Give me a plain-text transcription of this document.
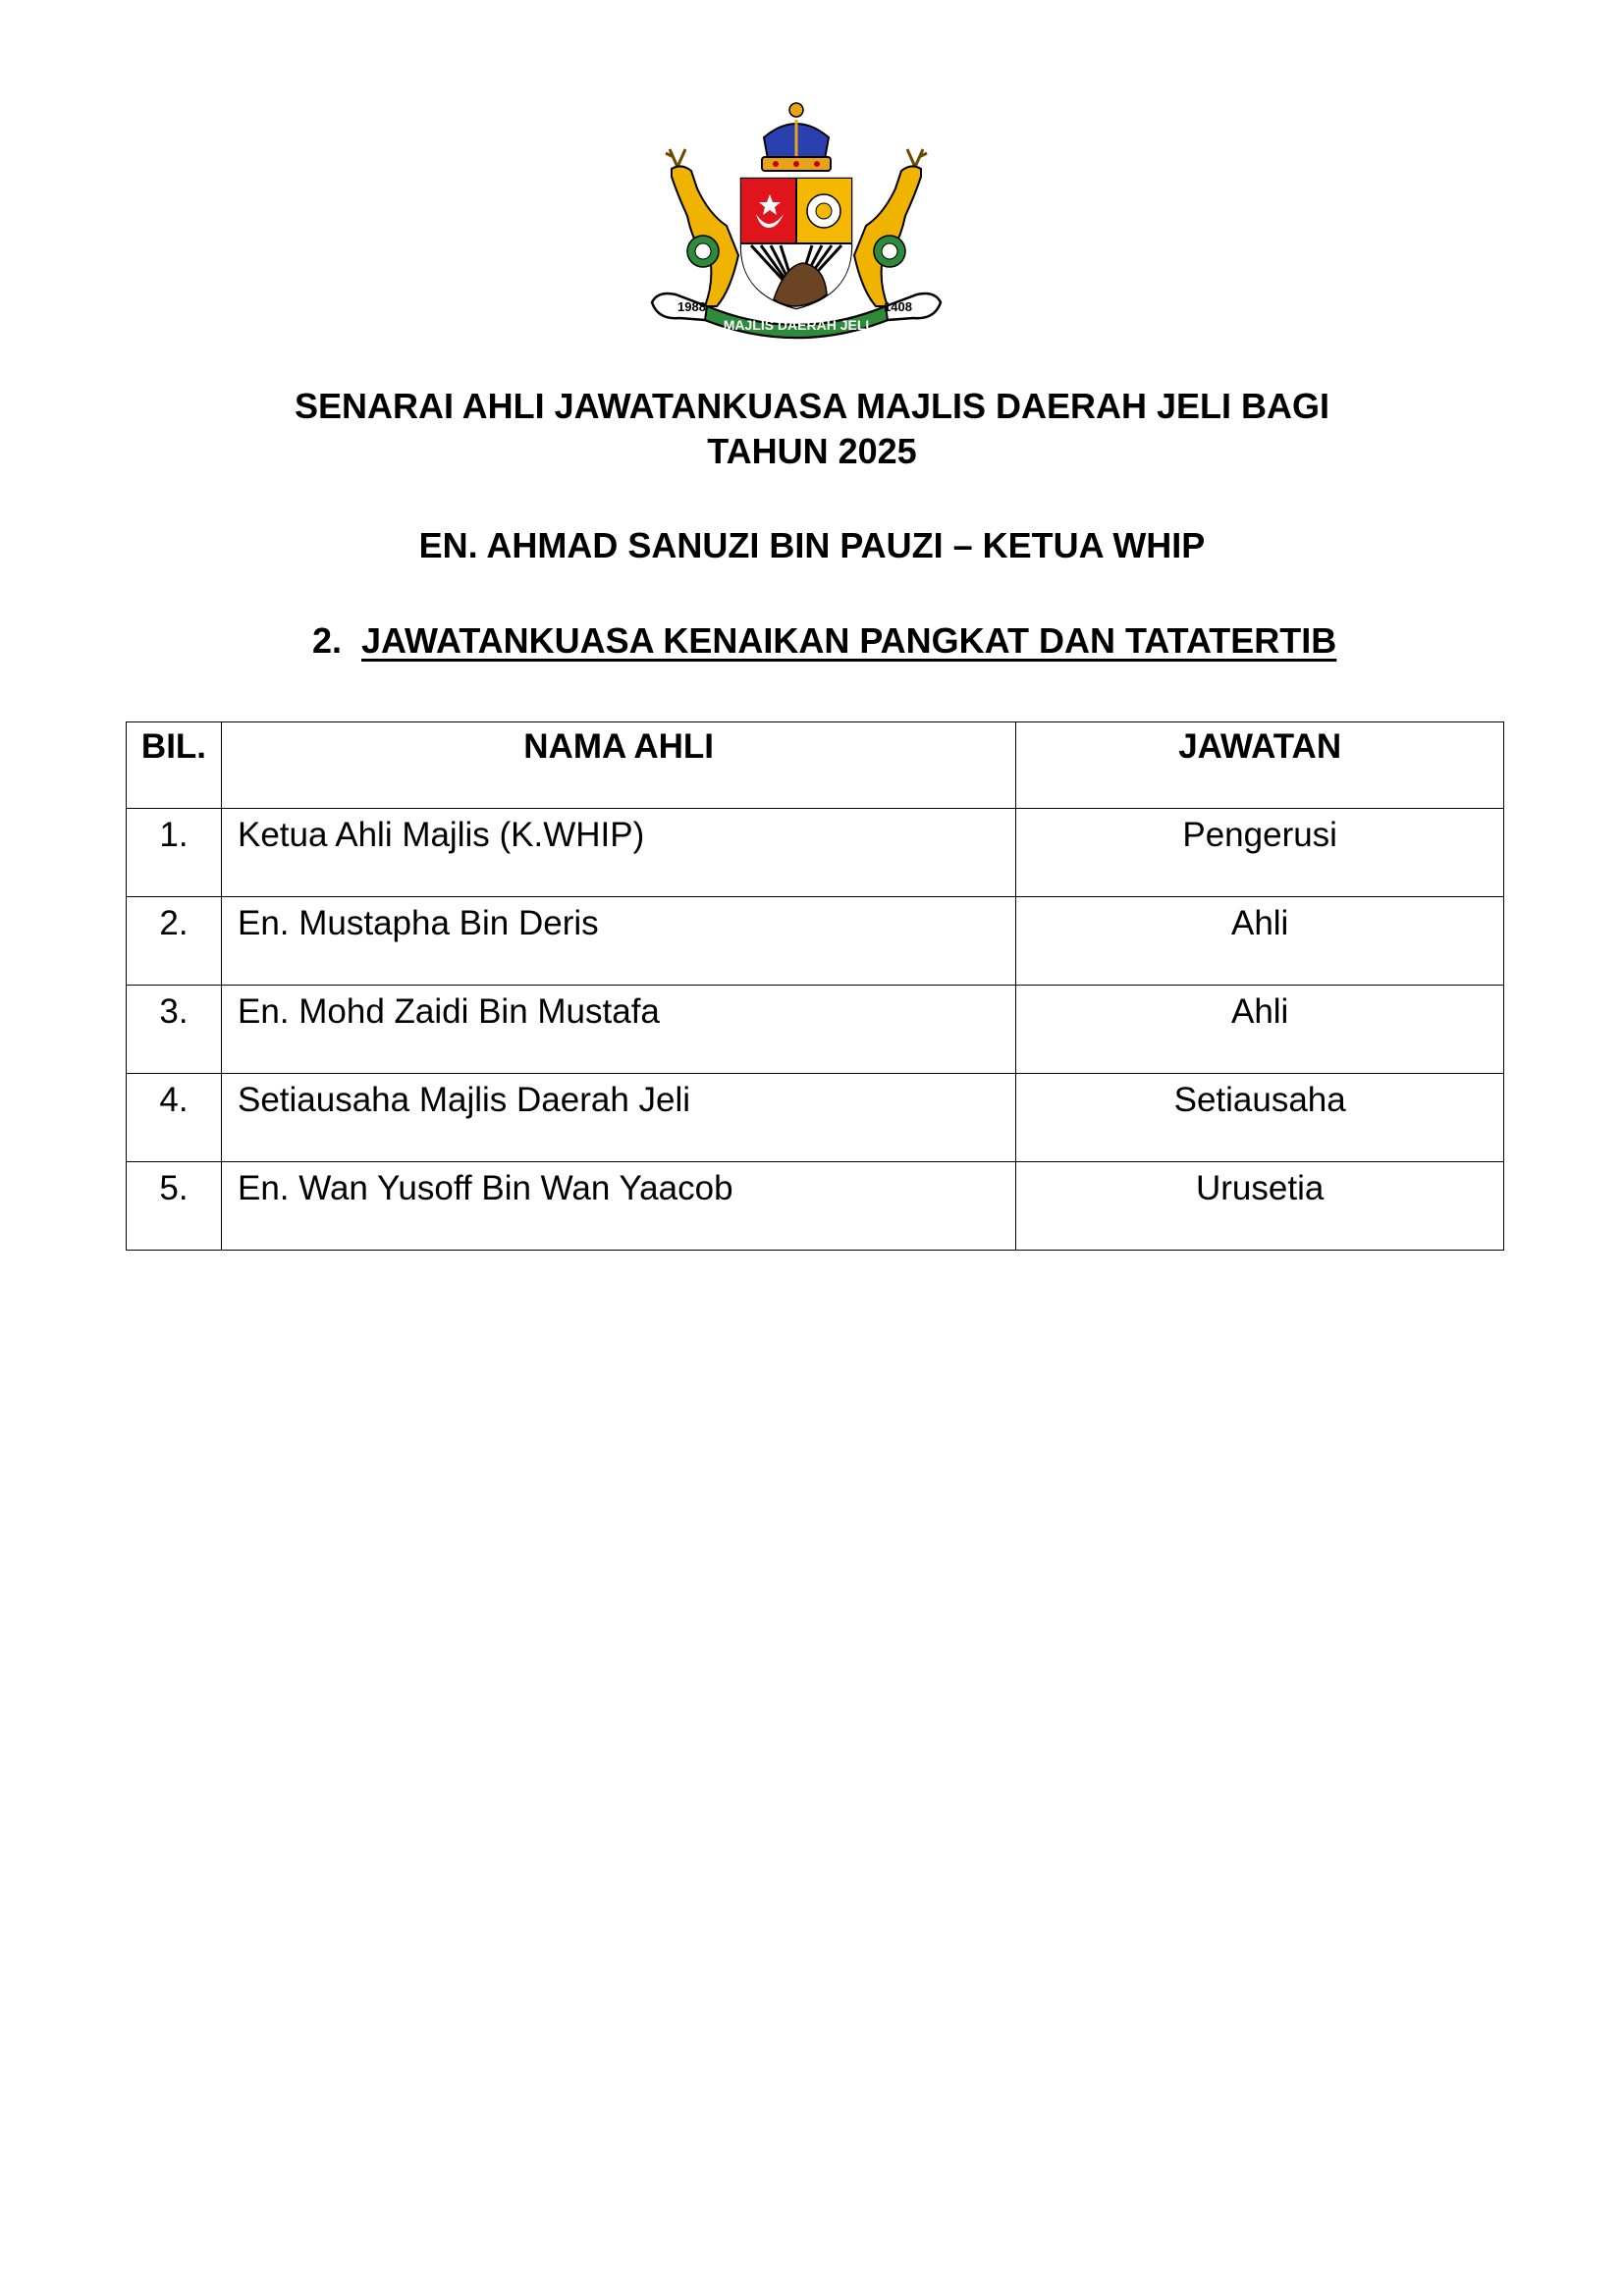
1988	1408
MAJLIS DAERAH JELI
SENARAI AHLI JAWATANKUASA MAJLIS DAERAH JELI BAGI
TAHUN 2025
EN. AHMAD SANUZI BIN PAUZI – KETUA WHIP
2. JAWATANKUASA KENAIKAN PANGKAT DAN TATATERTIB
BIL.	NAMA AHLI	JAWATAN
1.	Ketua Ahli Majlis (K.WHIP)	Pengerusi
2.	En. Mustapha Bin Deris	Ahli
3.	En. Mohd Zaidi Bin Mustafa	Ahli
4.	Setiausaha Majlis Daerah Jeli	Setiausaha
5.	En. Wan Yusoff Bin Wan Yaacob	Urusetia
